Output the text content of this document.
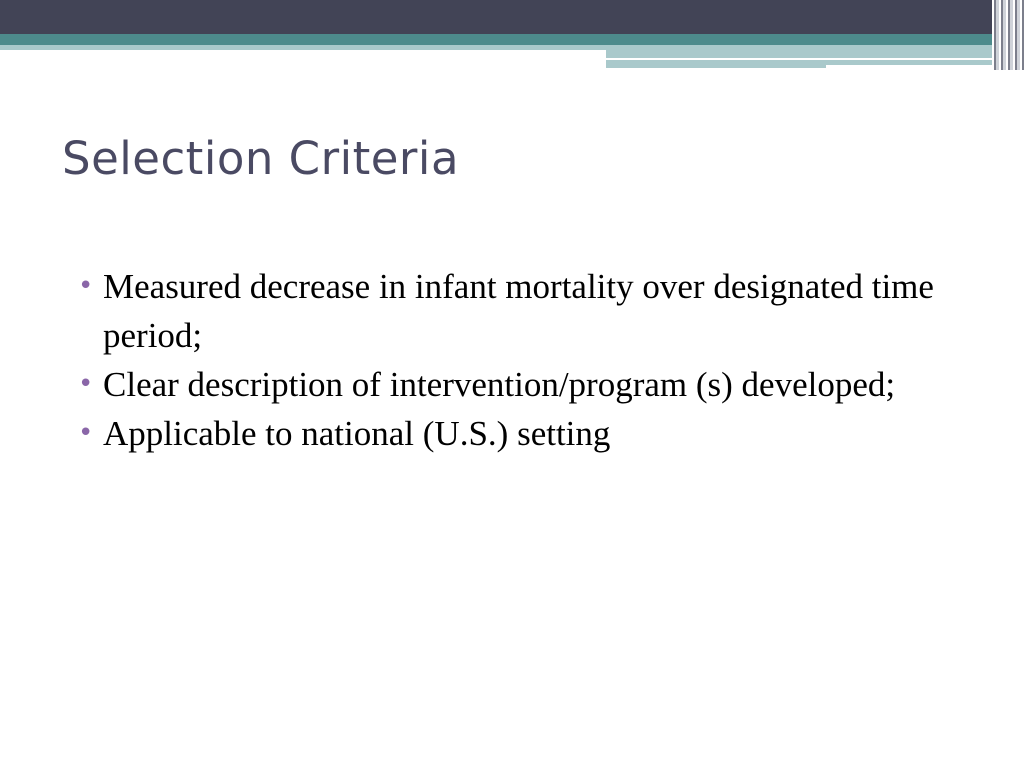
Selection Criteria
• Measured decrease in infant mortality over designated time period;
• Clear description of intervention/program (s) developed;
• Applicable to national (U.S.) setting
